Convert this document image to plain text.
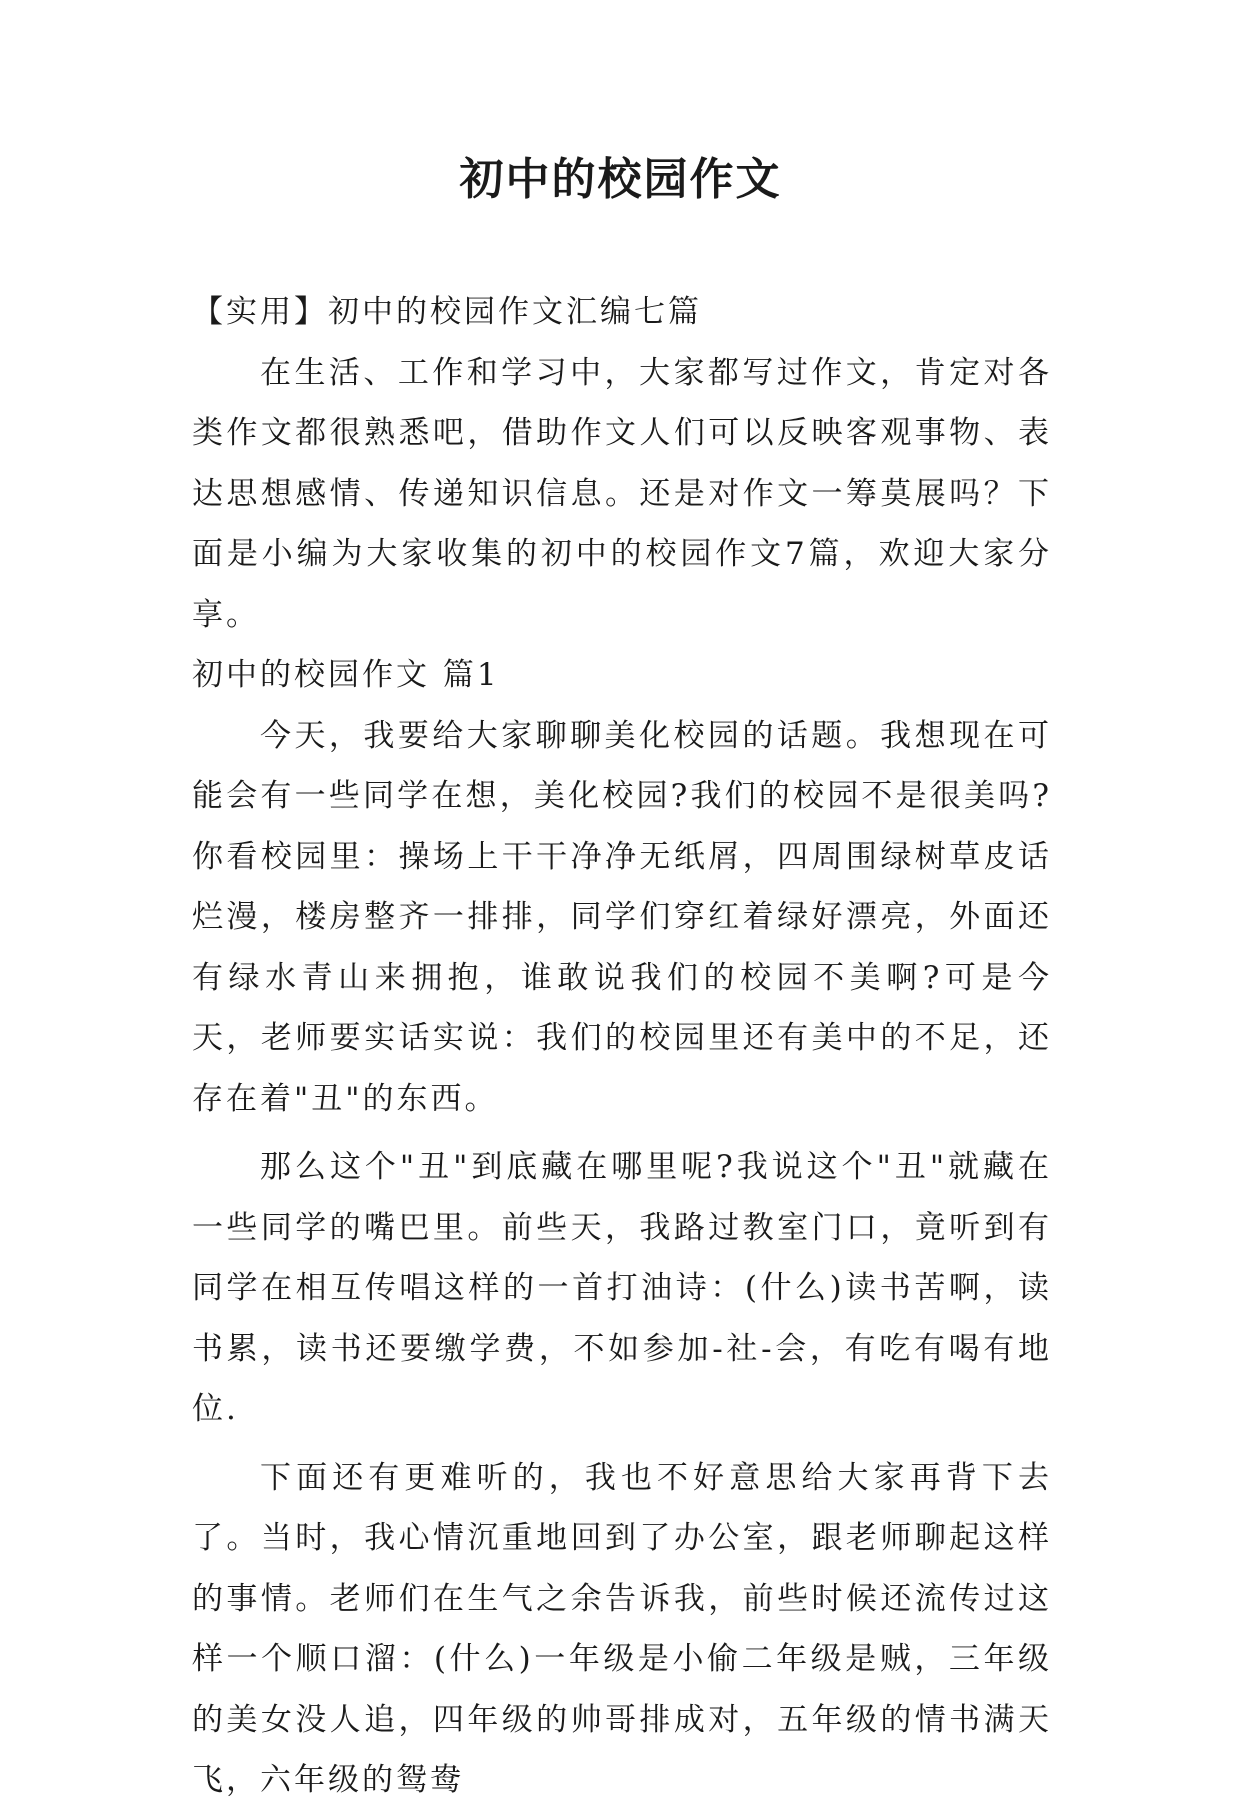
初中的校园作文

【实用】初中的校园作文汇编七篇

在生活、工作和学习中，大家都写过作文，肯定对各类作文都很熟悉吧，借助作文人们可以反映客观事物、表达思想感情、传递知识信息。还是对作文一筹莫展吗？下面是小编为大家收集的初中的校园作文7篇，欢迎大家分享。

初中的校园作文 篇1

今天，我要给大家聊聊美化校园的话题。我想现在可能会有一些同学在想，美化校园?我们的校园不是很美吗?你看校园里：操场上干干净净无纸屑，四周围绿树草皮话烂漫，楼房整齐一排排，同学们穿红着绿好漂亮，外面还有绿水青山来拥抱，谁敢说我们的校园不美啊?可是今天，老师要实话实说：我们的校园里还有美中的不足，还存在着"丑"的东西。

那么这个"丑"到底藏在哪里呢?我说这个"丑"就藏在一些同学的嘴巴里。前些天，我路过教室门口，竟听到有同学在相互传唱这样的一首打油诗：(什么)读书苦啊，读书累，读书还要缴学费，不如参加-社-会，有吃有喝有地位.

下面还有更难听的，我也不好意思给大家再背下去了。当时，我心情沉重地回到了办公室，跟老师聊起这样的事情。老师们在生气之余告诉我，前些时候还流传过这样一个顺口溜：(什么)一年级是小偷二年级是贼，三年级的美女没人追，四年级的帅哥排成对，五年级的情书满天飞，六年级的鸳鸯
